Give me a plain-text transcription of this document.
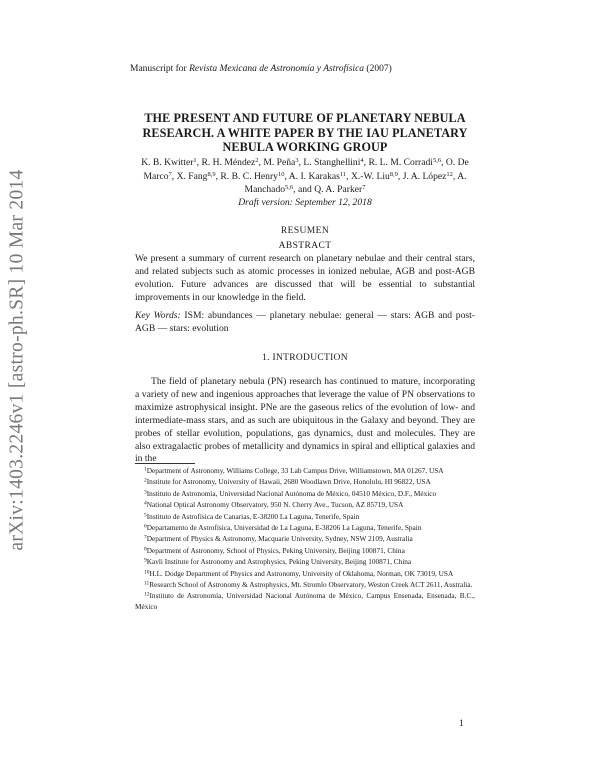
arXiv:1403.2246v1 [astro-ph.SR] 10 Mar 2014
Manuscript for Revista Mexicana de Astronomía y Astrofísica (2007)
THE PRESENT AND FUTURE OF PLANETARY NEBULA RESEARCH. A WHITE PAPER BY THE IAU PLANETARY NEBULA WORKING GROUP
K. B. Kwitter$^1$, R. H. Méndez$^2$, M. Peña$^3$, L. Stanghellini$^4$, R. L. M. Corradi$^{5,6}$, O. De Marco$^7$, X. Fang$^{8,9}$, R. B. C. Henry$^{10}$, A. I. Karakas$^{11}$, X.-W. Liu$^{8,9}$, J. A. López$^{12}$, A. Manchado$^{5,6}$, and Q. A. Parker$^7$
Draft version: September 12, 2018
RESUMEN
ABSTRACT
We present a summary of current research on planetary nebulae and their central stars, and related subjects such as atomic processes in ionized nebulae, AGB and post-AGB evolution. Future advances are discussed that will be essential to substantial improvements in our knowledge in the field.
Key Words: ISM: abundances — planetary nebulae: general — stars: AGB and post-AGB — stars: evolution
1. INTRODUCTION
The field of planetary nebula (PN) research has continued to mature, incorporating a variety of new and ingenious approaches that leverage the value of PN observations to maximize astrophysical insight. PNe are the gaseous relics of the evolution of low- and intermediate-mass stars, and as such are ubiquitous in the Galaxy and beyond. They are probes of stellar evolution, populations, gas dynamics, dust and molecules. They are also extragalactic probes of metallicity and dynamics in spiral and elliptical galaxies and in the
$^1$Department of Astronomy, Williams College, 33 Lab Campus Drive, Williamstown, MA 01267, USA
$^2$Institute for Astronomy, University of Hawaii, 2680 Woodlawn Drive, Honolulu, HI 96822, USA
$^3$Instituto de Astronomía, Universidad Nacional Autónoma de México, 04510 México, D.F., México
$^4$National Optical Astronomy Observatory, 950 N. Cherry Ave., Tucson, AZ 85719, USA
$^5$Instituto de Astrofísica de Canarias, E-38200 La Laguna, Tenerife, Spain
$^6$Departamento de Astrofísica, Universidad de La Laguna, E-38206 La Laguna, Tenerife, Spain
$^7$Department of Physics & Astronomy, Macquarie University, Sydney, NSW 2109, Australia
$^8$Department of Astronomy, School of Physics, Peking University, Beijing 100871, China
$^9$Kavli Institute for Astronomy and Astrophysics, Peking University, Beijing 100871, China
$^{10}$H.L. Dodge Department of Physics and Astronomy, University of Oklahoma, Norman, OK 73019, USA
$^{11}$Research School of Astronomy & Astrophysics, Mt. Stromlo Observatory, Weston Creek ACT 2611, Australia.
$^{12}$Instituto de Astronomía, Universidad Nacional Autónoma de México, Campus Ensenada, Ensenada, B.C., México
1
